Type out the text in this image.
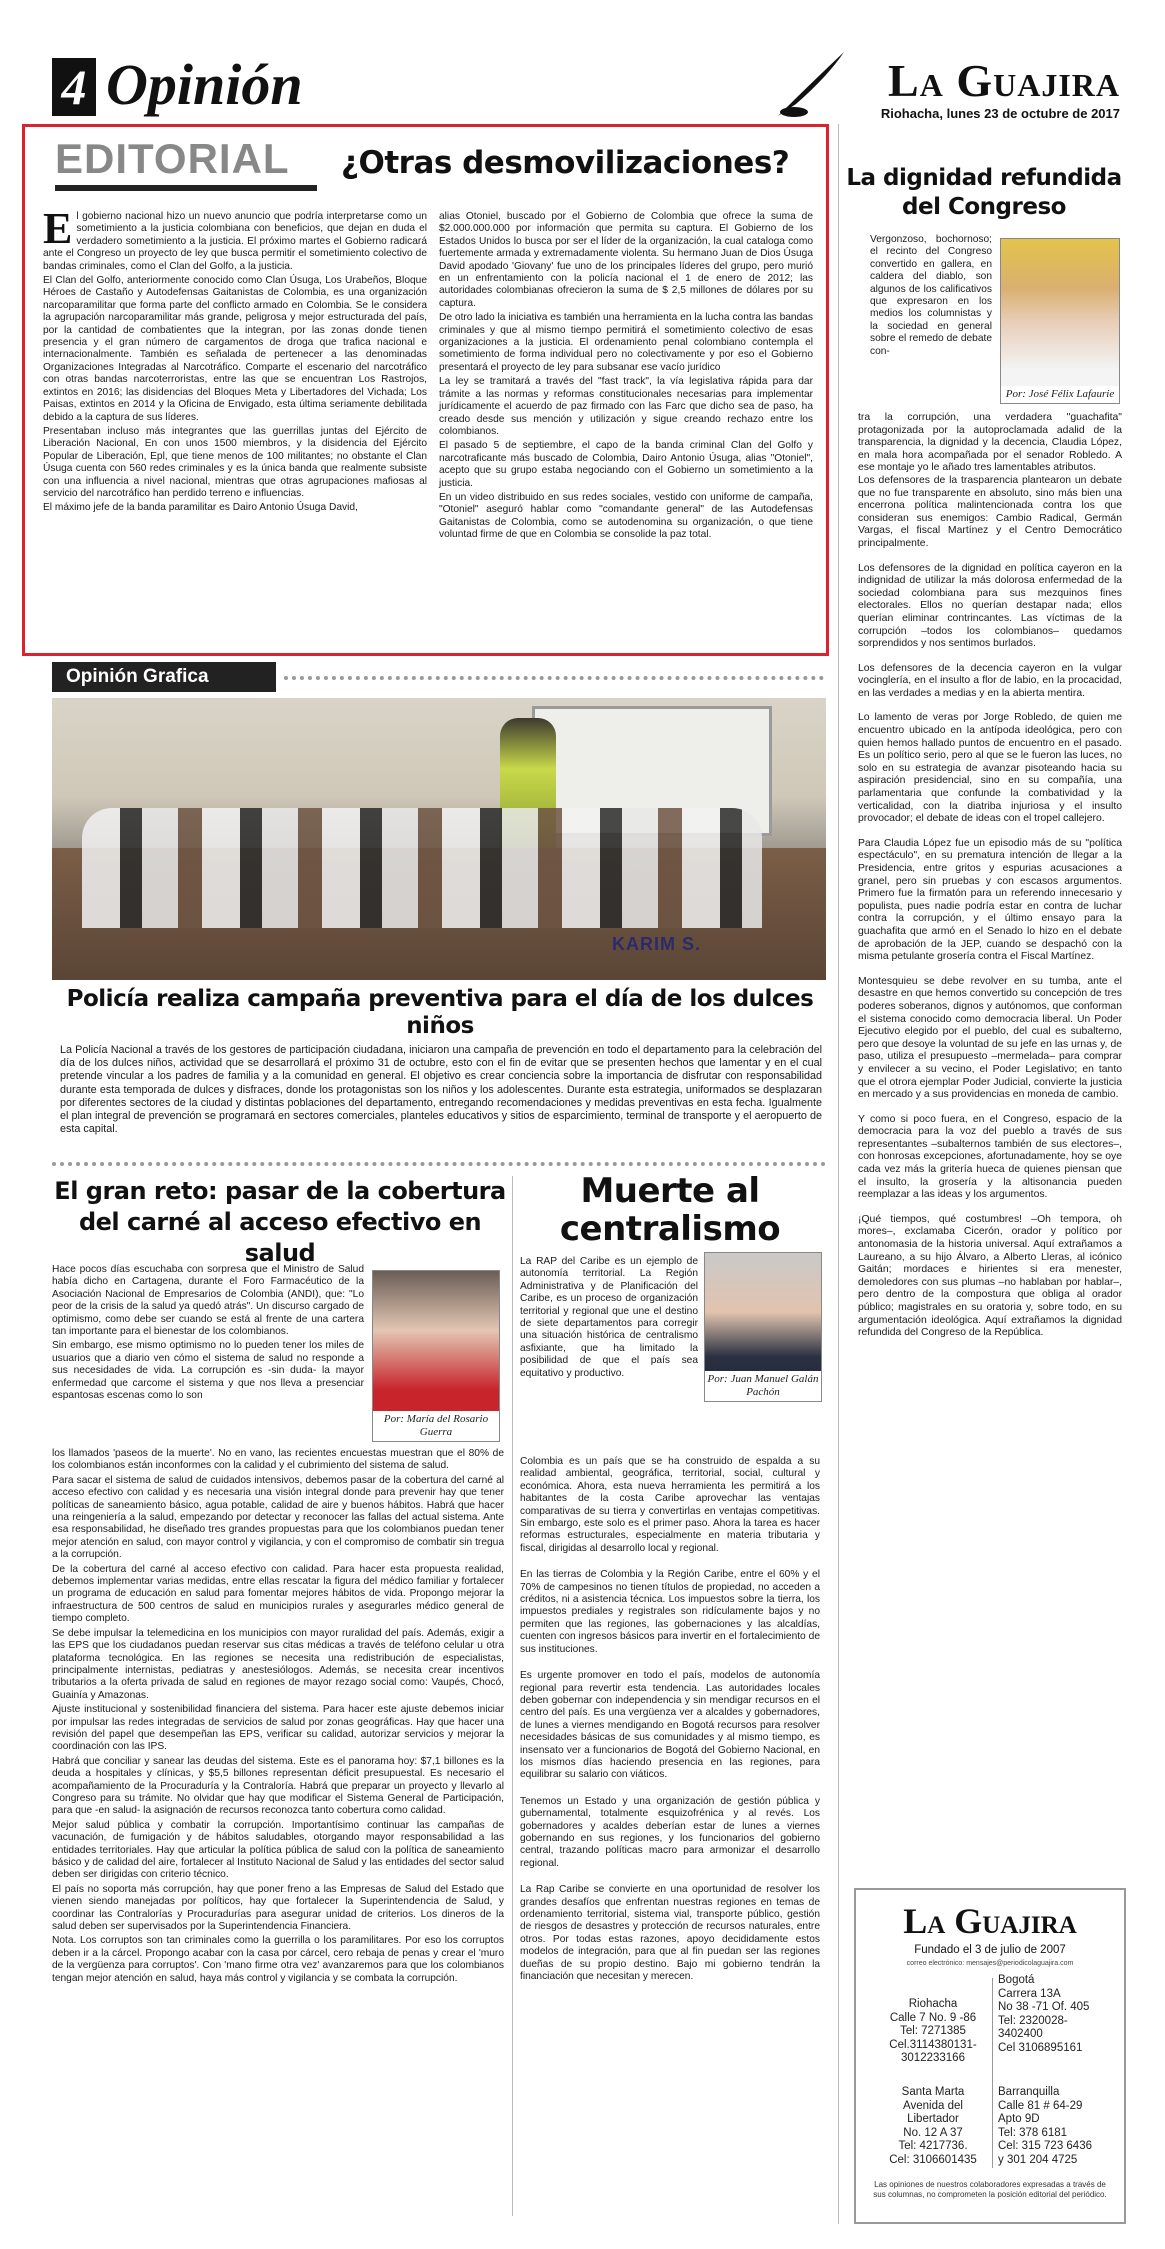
4 Opinión	La Guajira
Riohacha, lunes 23 de octubre de 2017
EDITORIAL ¿Otras desmovilizaciones?
E l gobierno nacional hizo un nuevo anuncio que podría interpretarse como un sometimiento a la justicia colombiana con beneficios, que dejan en duda el verdadero sometimiento a la justicia. El próximo martes el Gobierno radicará ante el Congreso un proyecto de ley que busca permitir el sometimiento colectivo de bandas criminales, como el Clan del Golfo, a la justicia.

El Clan del Golfo, anteriormente conocido como Clan Úsuga, Los Urabeños, Bloque Héroes de Castaño y Autodefensas Gaitanistas de Colombia, es una organización narcoparamilitar que forma parte del conflicto armado en Colombia. Se le considera la agrupación narcoparamilitar más grande, peligrosa y mejor estructurada del país, por la cantidad de combatientes que la integran, por las zonas donde tienen presencia y el gran número de cargamentos de droga que trafica nacional e internacionalmente. También es señalada de pertenecer a las denominadas Organizaciones Integradas al Narcotráfico. Comparte el escenario del narcotráfico con otras bandas narcoterroristas, entre las que se encuentran Los Rastrojos, extintos en 2016; las disidencias del Bloques Meta y Libertadores del Vichada; Los Paisas, extintos en 2014 y la Oficina de Envigado, esta última seriamente debilitada debido a la captura de sus líderes.

Presentaban incluso más integrantes que las guerrillas juntas del Ejército de Liberación Nacional, En con unos 1500 miembros, y la disidencia del Ejército Popular de Liberación, Epl, que tiene menos de 100 militantes; no obstante el Clan Úsuga cuenta con 560 redes criminales y es la única banda que realmente subsiste con una influencia a nivel nacional, mientras que otras agrupaciones mafiosas al servicio del narcotráfico han perdido terreno e influencias.

El máximo jefe de la banda paramilitar es Dairo Antonio Úsuga David,

alias Otoniel, buscado por el Gobierno de Colombia que ofrece la suma de $2.000.000.000 por información que permita su captura. El Gobierno de los Estados Unidos lo busca por ser el líder de la organización, la cual cataloga como fuertemente armada y extremadamente violenta. Su hermano Juan de Dios Úsuga David apodado 'Giovany' fue uno de los principales líderes del grupo, pero murió en un enfrentamiento con la policía nacional el 1 de enero de 2012; las autoridades colombianas ofrecieron la suma de $ 2,5 millones de dólares por su captura.

De otro lado la iniciativa es también una herramienta en la lucha contra las bandas criminales y que al mismo tiempo permitirá el sometimiento colectivo de esas organizaciones a la justicia. El ordenamiento penal colombiano contempla el sometimiento de forma individual pero no colectivamente y por eso el Gobierno presentará el proyecto de ley para subsanar ese vacío jurídico

La ley se tramitará a través del "fast track", la vía legislativa rápida para dar trámite a las normas y reformas constitucionales necesarias para implementar jurídicamente el acuerdo de paz firmado con las Farc que dicho sea de paso, ha creado desde sus mención y utilización y sigue creando rechazo entre los colombianos.

El pasado 5 de septiembre, el capo de la banda criminal Clan del Golfo y narcotraficante más buscado de Colombia, Dairo Antonio Úsuga, alias "Otoniel", acepto que su grupo estaba negociando con el Gobierno un sometimiento a la justicia.

En un video distribuido en sus redes sociales, vestido con uniforme de campaña, "Otoniel" aseguró hablar como "comandante general" de las Autodefensas Gaitanistas de Colombia, como se autodenomina su organización, o que tiene voluntad firme de que en Colombia se consolide la paz total.

Opinión Grafica
KARIM S.
Policía realiza campaña preventiva para el día de los dulces niños

La Policía Nacional a través de los gestores de participación ciudadana, iniciaron una campaña de prevención en todo el departamento para la celebración del día de los dulces niños, actividad que se desarrollará el próximo 31 de octubre, esto con el fin de evitar que se presenten hechos que lamentar y en el cual pretende vincular a los padres de familia y a la comunidad en general. El objetivo es crear conciencia sobre la importancia de disfrutar con responsabilidad durante esta temporada de dulces y disfraces, donde los protagonistas son los niños y los adolescentes. Durante esta estrategia, uniformados se desplazaran por diferentes sectores de la ciudad y distintas poblaciones del departamento, entregando recomendaciones y medidas preventivas en esta fecha. Igualmente el plan integral de prevención se programará en sectores comerciales, planteles educativos y sitios de esparcimiento, terminal de transporte y el aeropuerto de esta capital.

El gran reto: pasar de la cobertura del carné al acceso efectivo en salud

Hace pocos días escuchaba con sorpresa que el Ministro de Salud había dicho en Cartagena, durante el Foro Farmacéutico de la Asociación Nacional de Empresarios de Colombia (ANDI), que: "Lo peor de la crisis de la salud ya quedó atrás". Un discurso cargado de optimismo, como debe ser cuando se está al frente de una cartera tan importante para el bienestar de los colombianos.

Sin embargo, ese mismo optimismo no lo pueden tener los miles de usuarios que a diario ven cómo el sistema de salud no responde a sus necesidades de vida. La corrupción es -sin duda- la mayor enfermedad que carcome el sistema y que nos lleva a presenciar espantosas escenas como lo son

Por: María del Rosario Guerra

los llamados 'paseos de la muerte'. No en vano, las recientes encuestas muestran que el 80% de los colombianos están inconformes con la calidad y el cubrimiento del sistema de salud.

Para sacar el sistema de salud de cuidados intensivos, debemos pasar de la cobertura del carné al acceso efectivo con calidad y es necesaria una visión integral donde para prevenir hay que tener políticas de saneamiento básico, agua potable, calidad de aire y buenos hábitos. Habrá que hacer una reingeniería a la salud, empezando por detectar y reconocer las fallas del actual sistema. Ante esa responsabilidad, he diseñado tres grandes propuestas para que los colombianos puedan tener mejor atención en salud, con mayor control y vigilancia, y con el compromiso de combatir sin tregua a la corrupción.

De la cobertura del carné al acceso efectivo con calidad. Para hacer esta propuesta realidad, debemos implementar varias medidas, entre ellas rescatar la figura del médico familiar y fortalecer un programa de educación en salud para fomentar mejores hábitos de vida. Propongo mejorar la infraestructura de 500 centros de salud en municipios rurales y asegurarles médico general de tiempo completo.

Se debe impulsar la telemedicina en los municipios con mayor ruralidad del país. Además, exigir a las EPS que los ciudadanos puedan reservar sus citas médicas a través de teléfono celular u otra plataforma tecnológica. En las regiones se necesita una redistribución de especialistas, principalmente internistas, pediatras y anestesiólogos. Además, se necesita crear incentivos tributarios a la oferta privada de salud en regiones de mayor rezago social como: Vaupés, Chocó, Guainía y Amazonas.

Ajuste institucional y sostenibilidad financiera del sistema. Para hacer este ajuste debemos iniciar por impulsar las redes integradas de servicios de salud por zonas geográficas. Hay que hacer una revisión del papel que desempeñan las EPS, verificar su calidad, autorizar servicios y mejorar la coordinación con las IPS.

Habrá que conciliar y sanear las deudas del sistema. Este es el panorama hoy: $7,1 billones es la deuda a hospitales y clínicas, y $5,5 billones representan déficit presupuestal. Es necesario el acompañamiento de la Procuraduría y la Contraloría. Habrá que preparar un proyecto y llevarlo al Congreso para su trámite. No olvidar que hay que modificar el Sistema General de Participación, para que -en salud- la asignación de recursos reconozca tanto cobertura como calidad.

Mejor salud pública y combatir la corrupción. Importantísimo continuar las campañas de vacunación, de fumigación y de hábitos saludables, otorgando mayor responsabilidad a las entidades territoriales. Hay que articular la política pública de salud con la política de saneamiento básico y de calidad del aire, fortalecer al Instituto Nacional de Salud y las entidades del sector salud deben ser dirigidas con criterio técnico.

El país no soporta más corrupción, hay que poner freno a las Empresas de Salud del Estado que vienen siendo manejadas por políticos, hay que fortalecer la Superintendencia de Salud, y coordinar las Contralorías y Procuradurías para asegurar unidad de criterios. Los dineros de la salud deben ser supervisados por la Superintendencia Financiera.

Nota. Los corruptos son tan criminales como la guerrilla o los paramilitares. Por eso los corruptos deben ir a la cárcel. Propongo acabar con la casa por cárcel, cero rebaja de penas y crear el 'muro de la vergüenza para corruptos'. Con 'mano firme otra vez' avanzaremos para que los colombianos tengan mejor atención en salud, haya más control y vigilancia y se combata la corrupción.

Muerte al centralismo

La RAP del Caribe es un ejemplo de autonomía territorial. La Región Administrativa y de Planificación del Caribe, es un proceso de organización territorial y regional que une el destino de siete departamentos para corregir una situación histórica de centralismo asfixiante, que ha limitado la posibilidad de que el país sea equitativo y productivo.	Por: Juan Manuel Galán Pachón

Colombia es un país que se ha construido de espalda a su realidad ambiental, geográfica, territorial, social, cultural y económica. Ahora, esta nueva herramienta les permitirá a los habitantes de la costa Caribe aprovechar las ventajas comparativas de su tierra y convertirlas en ventajas competitivas. Sin embargo, este solo es el primer paso. Ahora la tarea es hacer reformas estructurales, especialmente en materia tributaria y fiscal, dirigidas al desarrollo local y regional.

En las tierras de Colombia y la Región Caribe, entre el 60% y el 70% de campesinos no tienen títulos de propiedad, no acceden a créditos, ni a asistencia técnica. Los impuestos sobre la tierra, los impuestos prediales y registrales son ridículamente bajos y no permiten que las regiones, las gobernaciones y las alcaldías, cuenten con ingresos básicos para invertir en el fortalecimiento de sus instituciones.

Es urgente promover en todo el país, modelos de autonomía regional para revertir esta tendencia. Las autoridades locales deben gobernar con independencia y sin mendigar recursos en el centro del país. Es una vergüenza ver a alcaldes y gobernadores, de lunes a viernes mendigando en Bogotá recursos para resolver necesidades básicas de sus comunidades y al mismo tiempo, es insensato ver a funcionarios de Bogotá del Gobierno Nacional, en los mismos días haciendo presencia en las regiones, para equilibrar su salario con viáticos.

Tenemos un Estado y una organización de gestión pública y gubernamental, totalmente esquizofrénica y al revés. Los gobernadores y acaldes deberían estar de lunes a viernes gobernando en sus regiones, y los funcionarios del gobierno central, trazando políticas macro para armonizar el desarrollo regional.

La Rap Caribe se convierte en una oportunidad de resolver los grandes desafíos que enfrentan nuestras regiones en temas de ordenamiento territorial, sistema vial, transporte público, gestión de riesgos de desastres y protección de recursos naturales, entre otros. Por todas estas razones, apoyo decididamente estos modelos de integración, para que al fin puedan ser las regiones dueñas de su propio destino. Bajo mi gobierno tendrán la financiación que necesitan y merecen.

La dignidad refundida del Congreso

Vergonzoso, bochornoso; el recinto del Congreso convertido en gallera, en caldera del diablo, son algunos de los calificativos que expresaron en los medios los columnistas y la sociedad en general sobre el remedo de debate con-

Por: José Félix Lafaurie

tra la corrupción, una verdadera "guachafita" protagonizada por la autoproclamada adalid de la transparencia, la dignidad y la decencia, Claudia López, en mala hora acompañada por el senador Robledo. A ese montaje yo le añado tres lamentables atributos.
Los defensores de la trasparencia plantearon un debate que no fue transparente en absoluto, sino más bien una encerrona política malintencionada contra los que consideran sus enemigos: Cambio Radical, Germán Vargas, el fiscal Martínez y el Centro Democrático principalmente.

Los defensores de la dignidad en política cayeron en la indignidad de utilizar la más dolorosa enfermedad de la sociedad colombiana para sus mezquinos fines electorales. Ellos no querían destapar nada; ellos querían eliminar contrincantes. Las víctimas de la corrupción –todos los colombianos– quedamos sorprendidos y nos sentimos burlados.

Los defensores de la decencia cayeron en la vulgar vocinglería, en el insulto a flor de labio, en la procacidad, en las verdades a medias y en la abierta mentira.

Lo lamento de veras por Jorge Robledo, de quien me encuentro ubicado en la antípoda ideológica, pero con quien hemos hallado puntos de encuentro en el pasado. Es un político serio, pero al que se le fueron las luces, no solo en su estrategia de avanzar pisoteando hacia su aspiración presidencial, sino en su compañía, una parlamentaria que confunde la combatividad y la verticalidad, con la diatriba injuriosa y el insulto provocador; el debate de ideas con el tropel callejero.

Para Claudia López fue un episodio más de su "política espectáculo", en su prematura intención de llegar a la Presidencia, entre gritos y espurias acusaciones a granel, pero sin pruebas y con escasos argumentos. Primero fue la firmatón para un referendo innecesario y populista, pues nadie podría estar en contra de luchar contra la corrupción, y el último ensayo para la guachafita que armó en el Senado lo hizo en el debate de aprobación de la JEP, cuando se despachó con la misma petulante grosería contra el Fiscal Martínez.

Montesquieu se debe revolver en su tumba, ante el desastre en que hemos convertido su concepción de tres poderes soberanos, dignos y autónomos, que conforman el sistema conocido como democracia liberal. Un Poder Ejecutivo elegido por el pueblo, del cual es subalterno, pero que desoye la voluntad de su jefe en las urnas y, de paso, utiliza el presupuesto –mermelada– para comprar y envilecer a su vecino, el Poder Legislativo; en tanto que el otrora ejemplar Poder Judicial, convierte la justicia en mercado y a sus providencias en moneda de cambio.

Y como si poco fuera, en el Congreso, espacio de la democracia para la voz del pueblo a través de sus representantes –subalternos también de sus electores–, con honrosas excepciones, afortunadamente, hoy se oye cada vez más la gritería hueca de quienes piensan que el insulto, la grosería y la altisonancia pueden reemplazar a las ideas y los argumentos.

¡Qué tiempos, qué costumbres! –Oh tempora, oh mores–, exclamaba Cicerón, orador y político por antonomasia de la historia universal. Aquí extrañamos a Laureano, a su hijo Álvaro, a Alberto Lleras, al icónico Gaitán; mordaces e hirientes si era menester, demoledores con sus plumas –no hablaban por hablar–, pero dentro de la compostura que obliga al orador público; magistrales en su oratoria y, sobre todo, en su argumentación ideológica. Aquí extrañamos la dignidad refundida del Congreso de la República.

La Guajira
Fundado el 3 de julio de 2007
correo electrónico: mensajes@periodicolaguajira.com
Riohacha
Calle 7 No. 9 -86
Tel: 7271385
Cel.3114380131-
3012233166
Bogotá
Carrera 13A
No 38 -71 Of. 405
Tel: 2320028-
3402400
Cel 3106895161
Santa Marta
Avenida del
Libertador
No. 12 A 37
Tel: 4217736.
Cel: 3106601435
Barranquilla
Calle 81 # 64-29
Apto 9D
Tel: 378 6181
Cel: 315 723 6436
y 301 204 4725
Las opiniones de nuestros colaboradores expresadas a través de sus columnas, no comprometen la posición editorial del periódico.
